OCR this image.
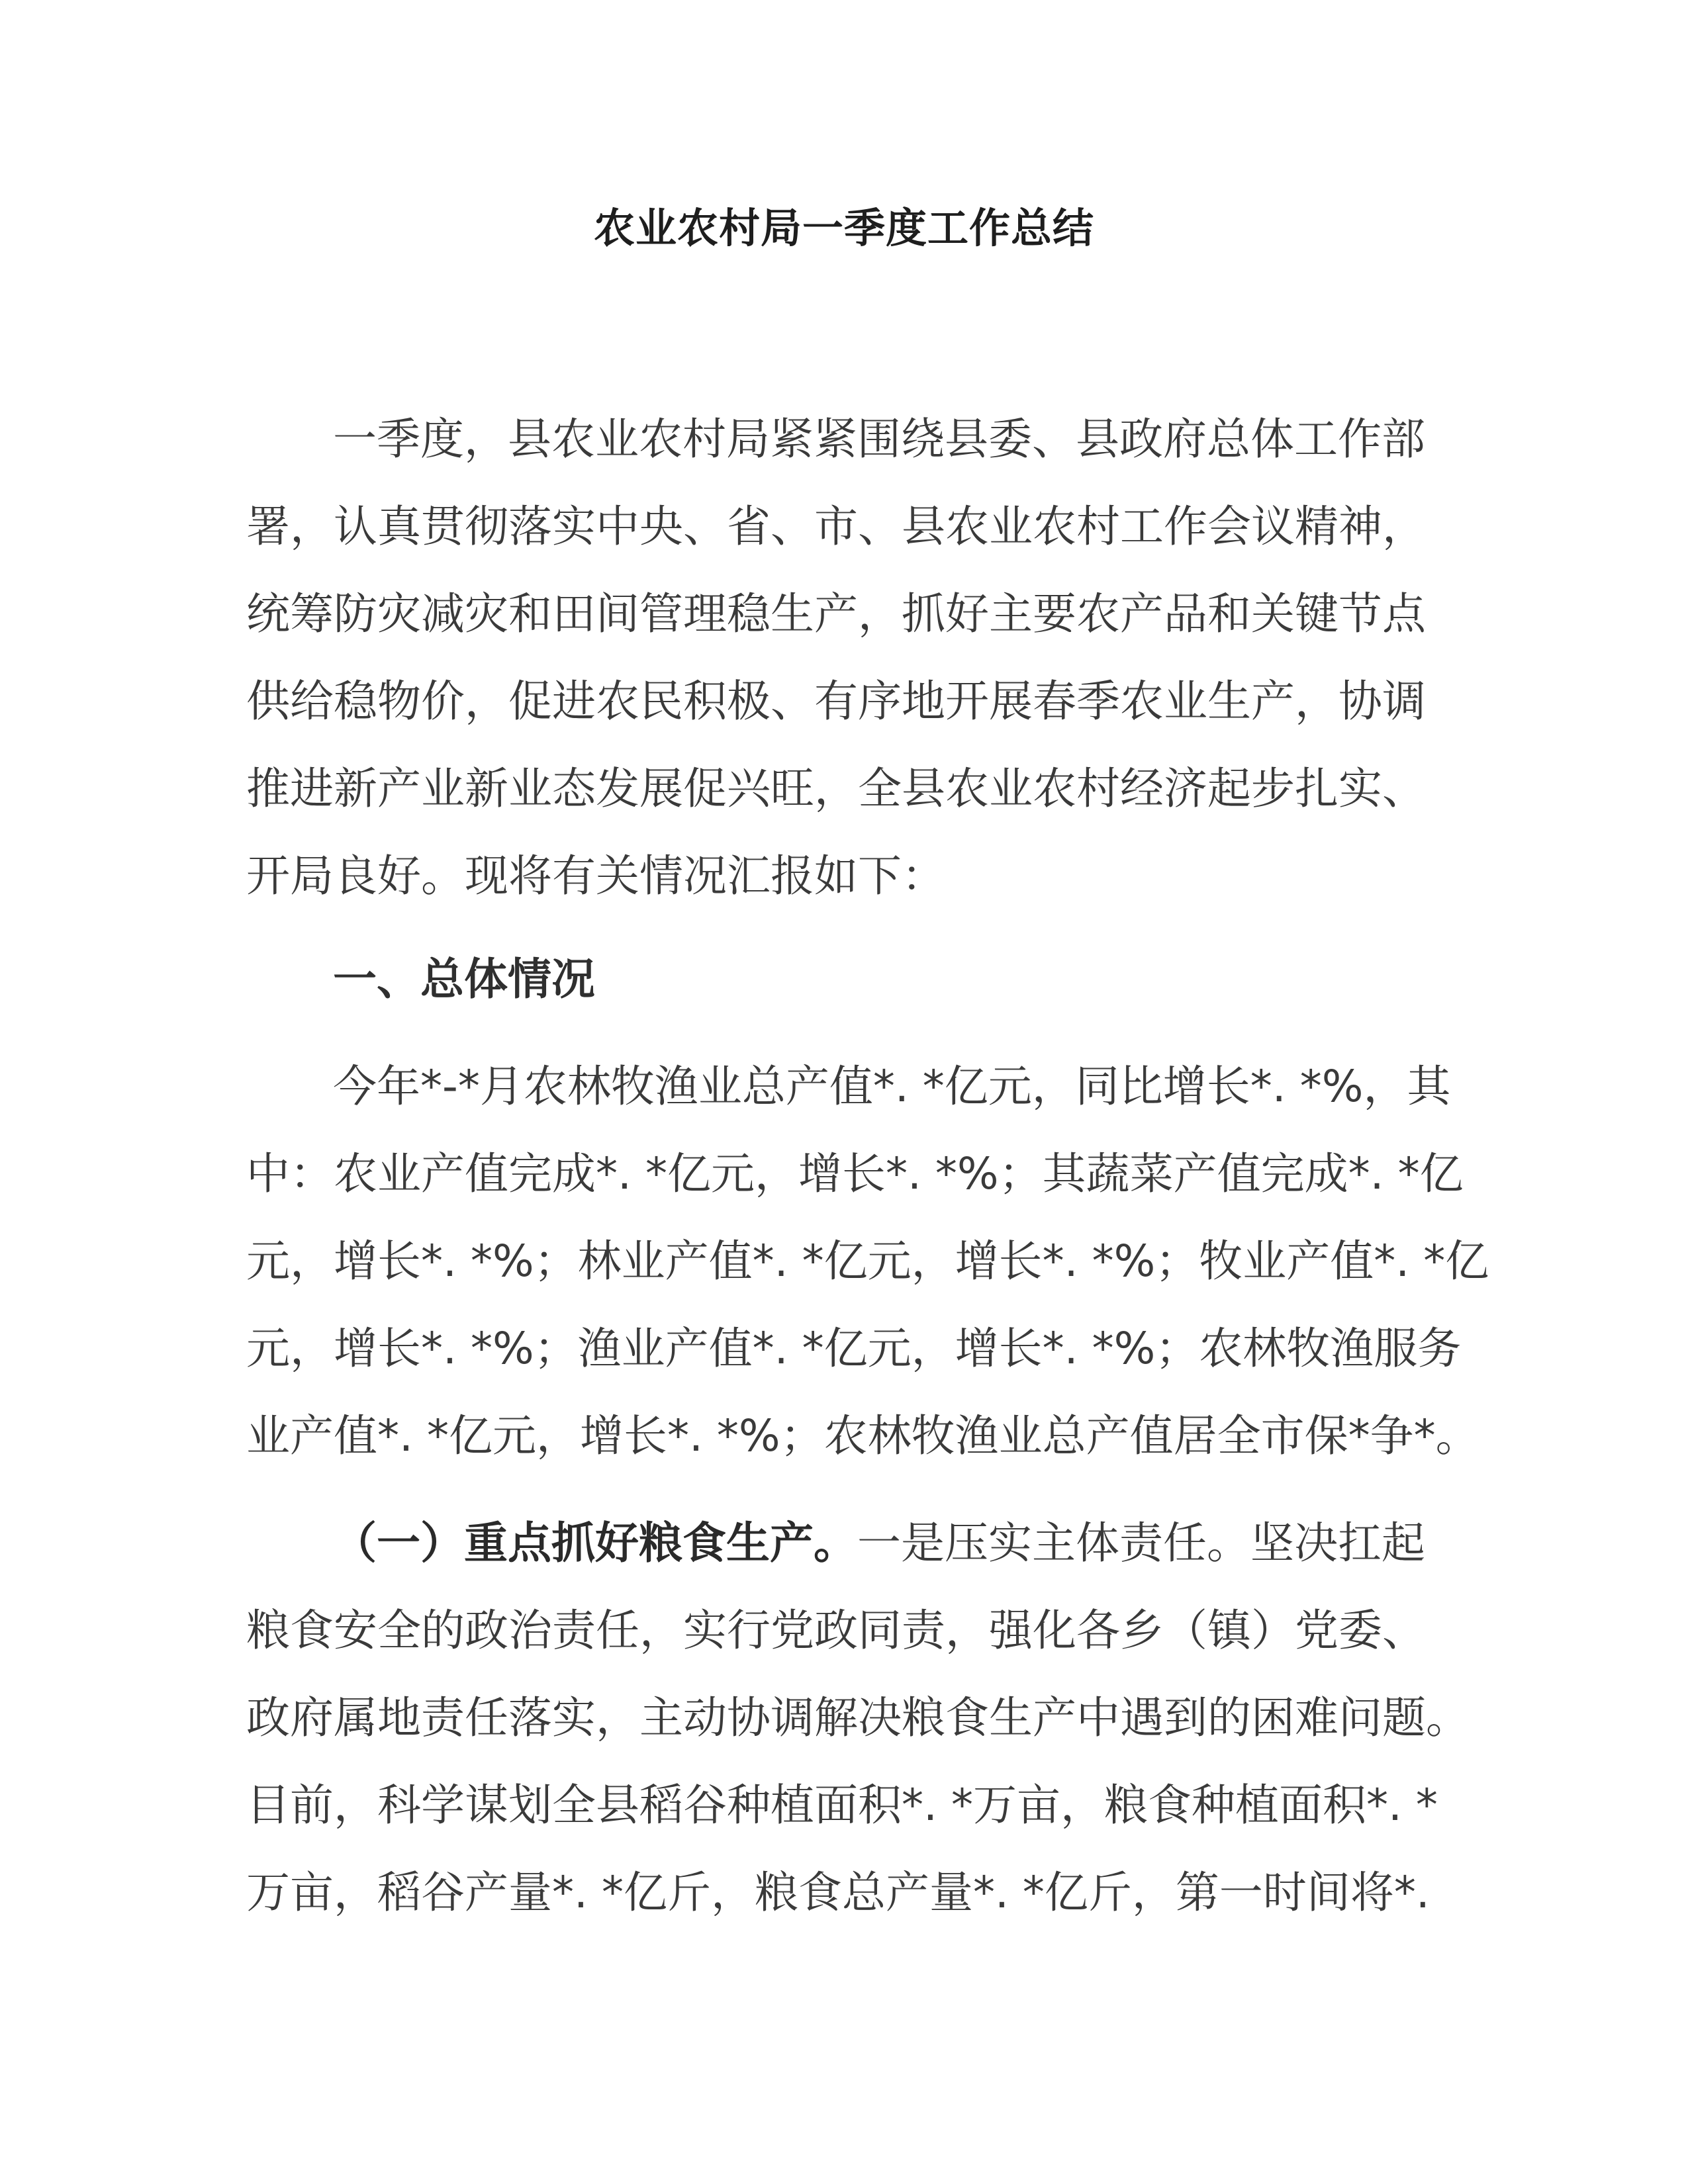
农业农村局一季度工作总结
一季度，县农业农村局紧紧围绕县委、县政府总体工作部
署，认真贯彻落实中央、省、市、县农业农村工作会议精神，
统筹防灾减灾和田间管理稳生产，抓好主要农产品和关键节点
供给稳物价，促进农民积极、有序地开展春季农业生产，协调
推进新产业新业态发展促兴旺，全县农业农村经济起步扎实、
开局良好。现将有关情况汇报如下：
一、总体情况
今年*-*月农林牧渔业总产值*. *亿元，同比增长*. *%，其
中：农业产值完成*. *亿元，增长*. *%；其蔬菜产值完成*. *亿
元，增长*. *%；林业产值*. *亿元，增长*. *%；牧业产值*. *亿
元，增长*. *%；渔业产值*. *亿元，增长*. *%；农林牧渔服务
业产值*. *亿元，增长*. *%；农林牧渔业总产值居全市保*争*。
（一）重点抓好粮食生产。一是压实主体责任。坚决扛起
粮食安全的政治责任，实行党政同责，强化各乡（镇）党委、
政府属地责任落实，主动协调解决粮食生产中遇到的困难问题。
目前，科学谋划全县稻谷种植面积*. *万亩，粮食种植面积*. *
万亩，稻谷产量*. *亿斤，粮食总产量*. *亿斤，第一时间将*.
